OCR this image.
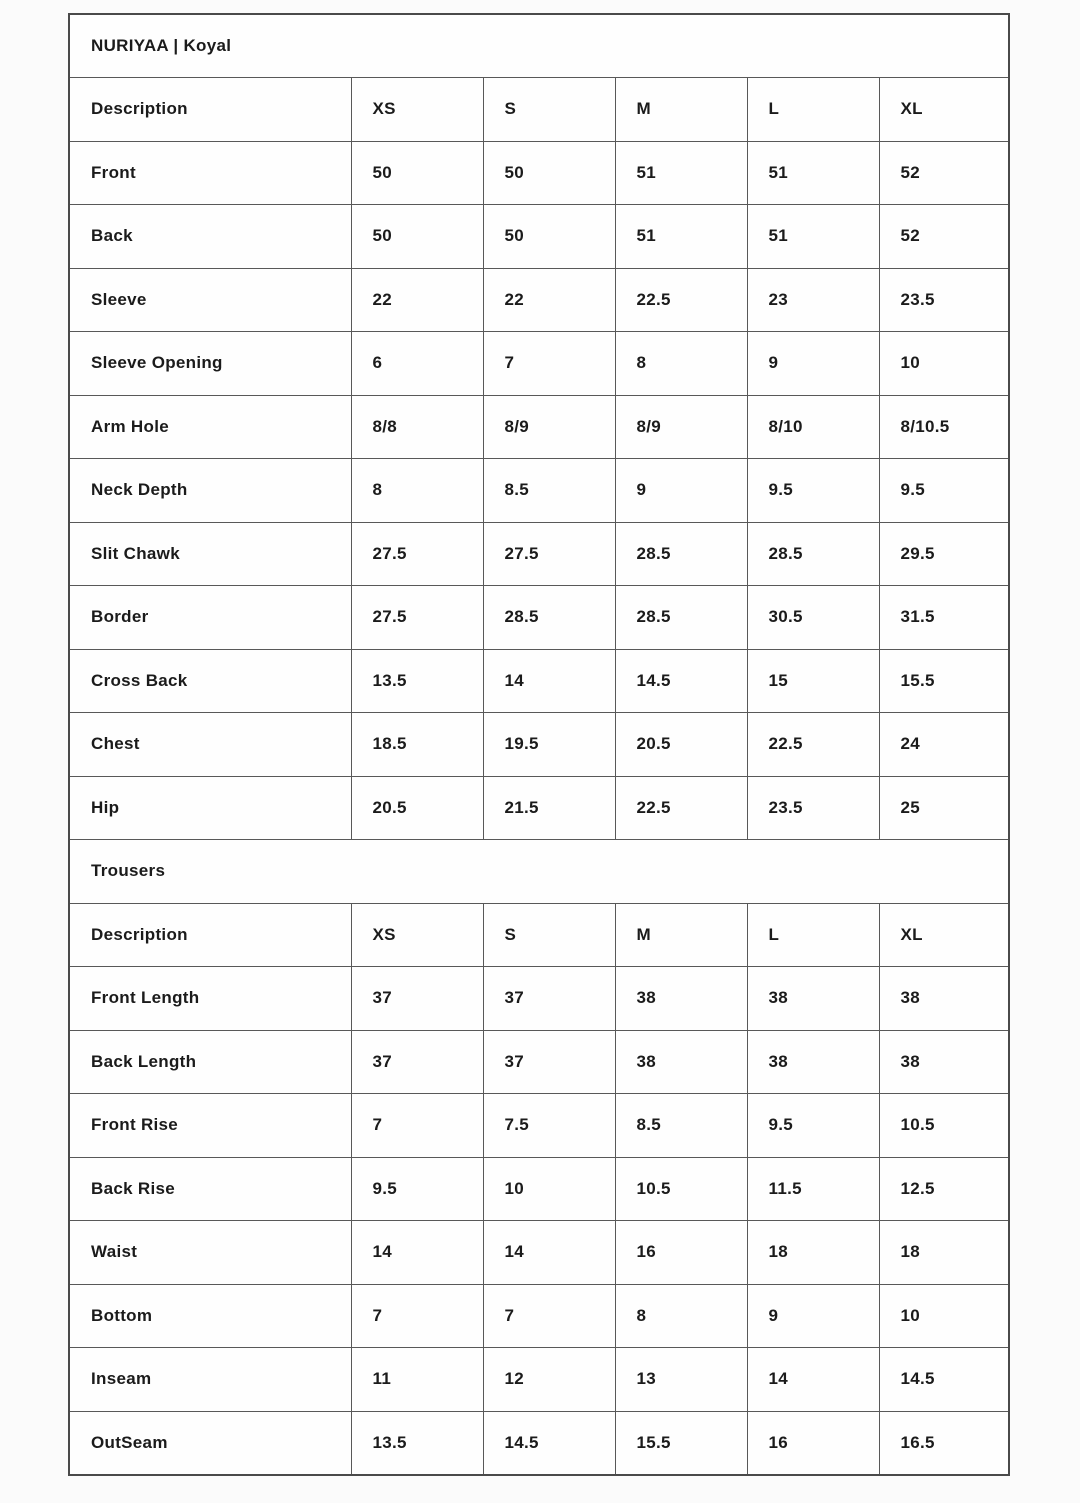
NURIYAA | Koyal					
Description	XS	S	M	L	XL
Front	50	50	51	51	52
Back	50	50	51	51	52
Sleeve	22	22	22.5	23	23.5
Sleeve Opening	6	7	8	9	10
Arm Hole	8/8	8/9	8/9	8/10	8/10.5
Neck Depth	8	8.5	9	9.5	9.5
Slit Chawk	27.5	27.5	28.5	28.5	29.5
Border	27.5	28.5	28.5	30.5	31.5
Cross Back	13.5	14	14.5	15	15.5
Chest	18.5	19.5	20.5	22.5	24
Hip	20.5	21.5	22.5	23.5	25
Trousers					
Description	XS	S	M	L	XL
Front Length	37	37	38	38	38
Back Length	37	37	38	38	38
Front Rise	7	7.5	8.5	9.5	10.5
Back Rise	9.5	10	10.5	11.5	12.5
Waist	14	14	16	18	18
Bottom	7	7	8	9	10
Inseam	11	12	13	14	14.5
OutSeam	13.5	14.5	15.5	16	16.5
